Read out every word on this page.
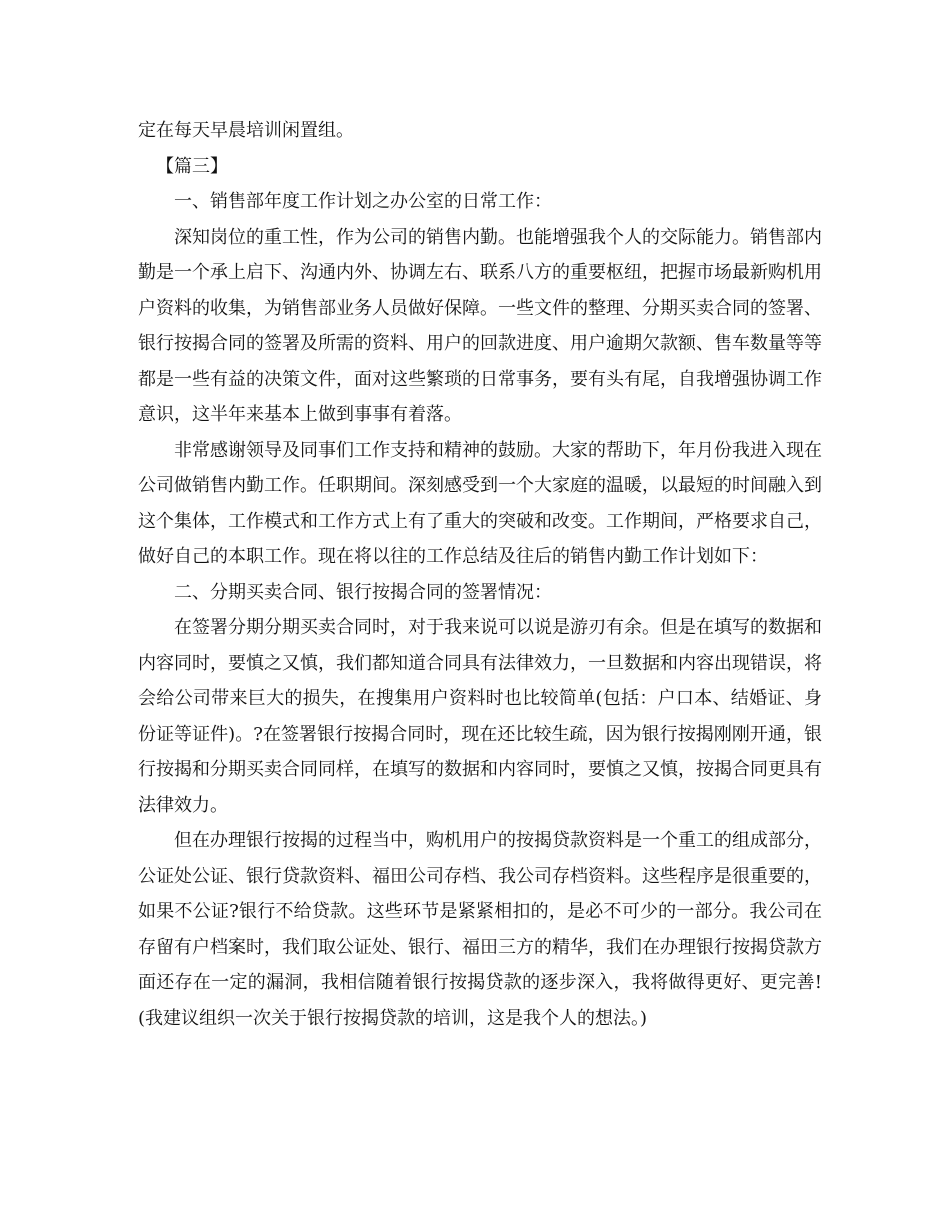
定在每天早晨培训闲置组。

【篇三】

一、销售部年度工作计划之办公室的日常工作：

深知岗位的重工性，作为公司的销售内勤。也能增强我个人的交际能力。销售部内勤是一个承上启下、沟通内外、协调左右、联系八方的重要枢纽，把握市场最新购机用户资料的收集，为销售部业务人员做好保障。一些文件的整理、分期买卖合同的签署、银行按揭合同的签署及所需的资料、用户的回款进度、用户逾期欠款额、售车数量等等都是一些有益的决策文件，面对这些繁琐的日常事务，要有头有尾，自我增强协调工作意识，这半年来基本上做到事事有着落。

非常感谢领导及同事们工作支持和精神的鼓励。大家的帮助下，年月份我进入现在公司做销售内勤工作。任职期间。深刻感受到一个大家庭的温暖，以最短的时间融入到这个集体，工作模式和工作方式上有了重大的突破和改变。工作期间，严格要求自己，做好自己的本职工作。现在将以往的工作总结及往后的销售内勤工作计划如下：

二、分期买卖合同、银行按揭合同的签署情况：

在签署分期分期买卖合同时，对于我来说可以说是游刃有余。但是在填写的数据和内容同时，要慎之又慎，我们都知道合同具有法律效力，一旦数据和内容出现错误，将会给公司带来巨大的损失，在搜集用户资料时也比较简单(包括：户口本、结婚证、身份证等证件)。?在签署银行按揭合同时，现在还比较生疏，因为银行按揭刚刚开通，银行按揭和分期买卖合同同样，在填写的数据和内容同时，要慎之又慎，按揭合同更具有法律效力。

但在办理银行按揭的过程当中，购机用户的按揭贷款资料是一个重工的组成部分，公证处公证、银行贷款资料、福田公司存档、我公司存档资料。这些程序是很重要的，如果不公证?银行不给贷款。这些环节是紧紧相扣的，是必不可少的一部分。我公司在存留有户档案时，我们取公证处、银行、福田三方的精华，我们在办理银行按揭贷款方面还存在一定的漏洞，我相信随着银行按揭贷款的逐步深入，我将做得更好、更完善!(我建议组织一次关于银行按揭贷款的培训，这是我个人的想法。)
